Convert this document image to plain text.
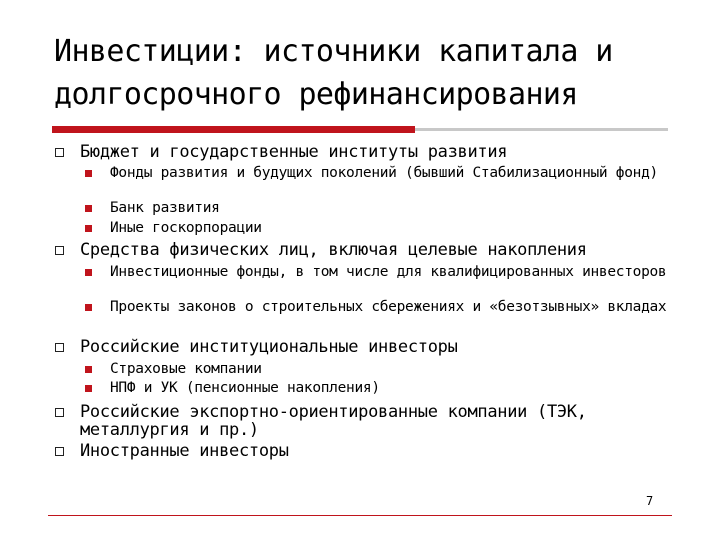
Инвестиции: источники капитала и
долгосрочного рефинансирования
Бюджет и государственные институты развития
Фонды развития и будущих поколений (бывший Стабилизационный фонд)
Банк развития
Иные госкорпорации
Средства физических лиц, включая целевые накопления
Инвестиционные фонды, в том числе для квалифицированных инвесторов
Проекты законов о строительных сбережениях и «безотзывных» вкладах
Российские институциональные инвесторы
Страховые компании
НПФ и УК (пенсионные накопления)
Российские экспортно-ориентированные компании (ТЭК, металлургия и пр.)
Иностранные инвесторы
7
